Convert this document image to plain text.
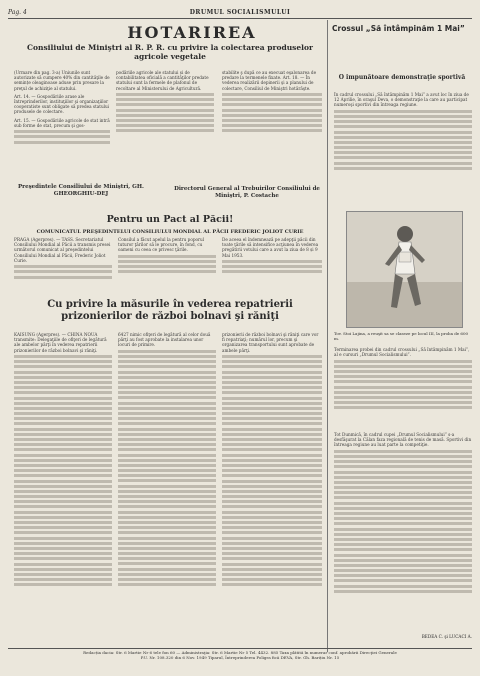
Pag. 4	DRUMUL SOCIALISMULUI
HOTARIREA
Consiliului de Miniştri al R. P. R. cu privire la colectarea produselor agricole vegetale
(Urmare din pag. 3-a) Uniunile sunt autorizate să cumpere 40% din cantităţile de semințe oleaginoase aduse prin presare la preţul de achiziţie al statului.
Art. 14. — Gospodăriile arase ale întreprinderilor, instituţiilor şi organizaţiilor cooperatiste sunt obligate să predea statului produsele de colectare.
Art. 15. — Gospodăriile agricole de stat intră sub forme de stat, precum şi gos-
podăriile agricole ale statului și de contabilitatea oficială a cantităţilor predate statului sunt la fermele de plafonul de recoltare al Ministerului de Agricultură.
stabilite ş după ce au execuat eşalonarea de predare la termenele fixate. Art. 18. — În vederea realizării depinerii şi a planului de colectare, Consiliul de Miniştri hotărăşte.
Preşedintele Consiliului de Miniştri, GH. GHEORGHIU-DEJ
Directorul General al Trebuirilor Consiliului de Miniştri, P. Costache
Pentru un Pact al Păcii!
COMUNICATUL PREŞEDINTELUI CONSILIULUI MONDIAL AL PĂCII FREDERIC JOLIOT CURIE
PRAGA (Agerpres). — TASS. Secretariatul Consiliului Mondial al Păcii a transmis presei următorul comunicat al preşedintelui Consiliului Mondial al Păcii, Frederic Joliot Curie.
Consilul a făcut apelul la pentru poporul tuturor ţărilor să le procure, în fond, cu oameni cu ceea ce privesc ţările.
De aceea el îndemnează pe adepţii păcii din toate ţările să intensifice acţiunea în vederea pregătirii votului care a avut la ziua de 8 și 9 Mai 1953.
Cu privire la măsurile în vederea repatrierii prizonierilor de război bolnavi şi răniţi
KAISUNG (Agerpres). — CHINA NOUA transmite: Delegaţiile de ofiţeri de legătură ale ambelor părţi în vederea repatrierii prizonierilor de război bolnavi şi răniţi.
6427 nimic ofiţeri de legătură al celor două părţi au fost aprobate la instalarea unor locuri de primire.
prizonierii de război bolnavi şi răniţi care vor fi repatriaţi; numărul lor, precum şi organizarea transportului sunt aprobate de ambele părţi.
Crossul „Să întâmpinăm 1 Mai”
O impunătoare demonstraţie sportivă
În cadrul crossului „Să întâmpinăm 1 Mai” a avut loc în ziua de 12 Aprilie, în oraşul Deva, o demonstraţie la care au participat numeroşi sportivi din întreaga regiune.
Tov. Stoi Lajina, a reuşit sa se claseze pe locul III, la proba de 600 m.
Terminarea probei din cadrul crossului „Să întâmpinăm 1 Mai”, al e cursuri „Drumul Socialismului”.
Tot Dunmică, în cadrul cupei „Drumul Socialismului” s-a desfăşurat la Călan faza regională de tenis de masă. Sportivi din întreaga regiune au luat parte la competiţie.
BEDEA C. şi LUCACI A.
Redacția dacia: Str. 6 Martie Nr 6 tele fon 60 — Administraţia: Str. 6 Martie Nr 5 Tel. 4432. 885 Taxa plătită în numerar conf. aprobării Direcţiei Generale
P.U. Nr. 108.320 din 6 Nov. 1949 Tiparul, Întreprinderea Poligra fică DEVA, Str. Gh. Barițiu Nr. 15
